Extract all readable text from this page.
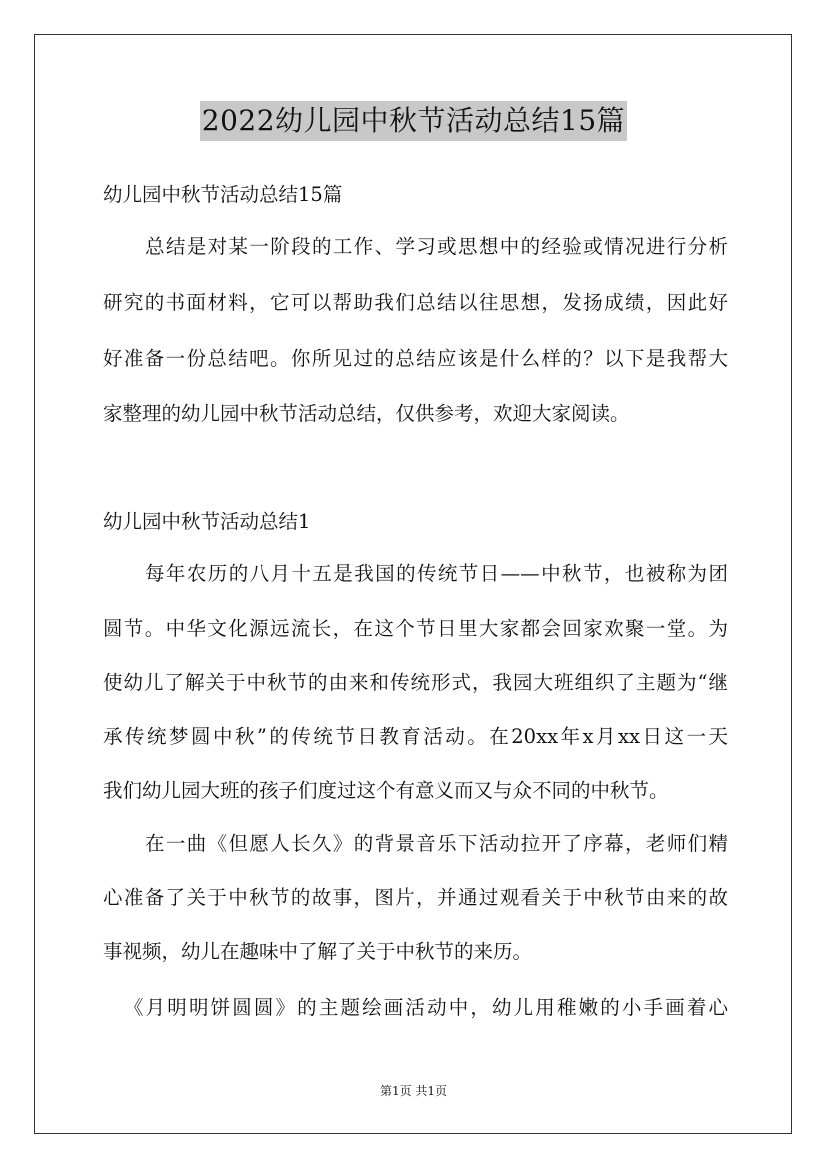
2022幼儿园中秋节活动总结15篇
幼儿园中秋节活动总结15篇
总结是对某一阶段的工作、学习或思想中的经验或情况进行分析
研究的书面材料，它可以帮助我们总结以往思想，发扬成绩，因此好
好准备一份总结吧。你所见过的总结应该是什么样的？以下是我帮大
家整理的幼儿园中秋节活动总结，仅供参考，欢迎大家阅读。
幼儿园中秋节活动总结1
每年农历的八月十五是我国的传统节日——中秋节，也被称为团
圆节。中华文化源远流长，在这个节日里大家都会回家欢聚一堂。为
使幼儿了解关于中秋节的由来和传统形式，我园大班组织了主题为“继
承传统梦圆中秋”的传统节日教育活动。在20xx年x月xx日这一天
我们幼儿园大班的孩子们度过这个有意义而又与众不同的中秋节。
在一曲《但愿人长久》的背景音乐下活动拉开了序幕，老师们精
心准备了关于中秋节的故事，图片，并通过观看关于中秋节由来的故
事视频，幼儿在趣味中了解了关于中秋节的来历。
《月明明饼圆圆》的主题绘画活动中，幼儿用稚嫩的小手画着心
第1页 共1页
